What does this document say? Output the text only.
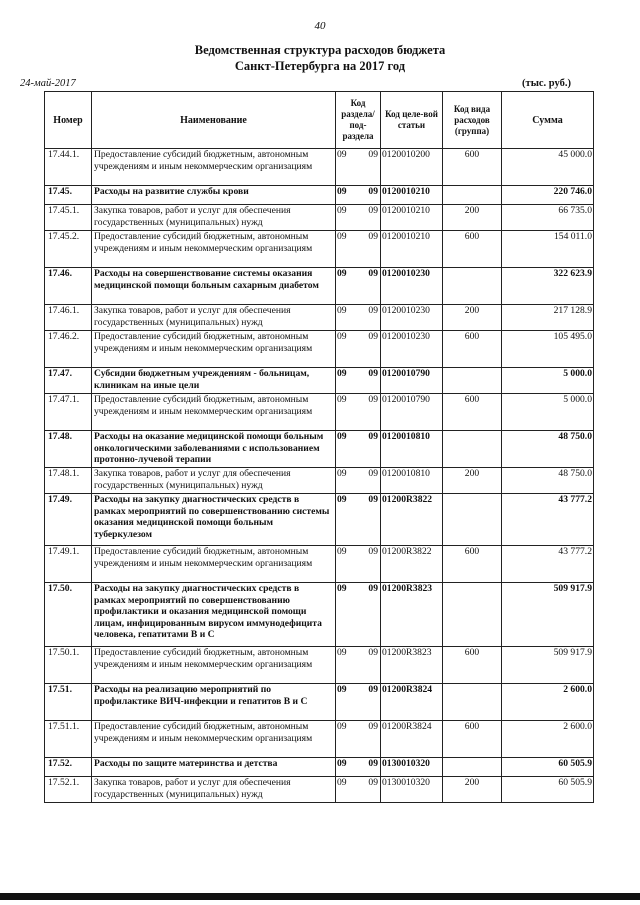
40
Ведомственная структура расходов бюджета
Санкт-Петербурга на 2017 год
24-май-2017	(тыс. руб.)
Номер	Наименование	Код раздела/ под-раздела	Код целе-вой статьи	Код вида расходов (группа)	Сумма
17.44.1.	Предоставление субсидий бюджетным, автономным учреждениям и иным некоммерческим организациям	09 09	0120010200	600	45 000.0
17.45.	Расходы на развитие службы крови	09 09	0120010210		220 746.0
17.45.1.	Закупка товаров, работ и услуг для обеспечения государственных (муниципальных) нужд	09 09	0120010210	200	66 735.0
17.45.2.	Предоставление субсидий бюджетным, автономным учреждениям и иным некоммерческим организациям	09 09	0120010210	600	154 011.0
17.46.	Расходы на совершенствование системы оказания медицинской помощи больным сахарным диабетом	09 09	0120010230		322 623.9
17.46.1.	Закупка товаров, работ и услуг для обеспечения государственных (муниципальных) нужд	09 09	0120010230	200	217 128.9
17.46.2.	Предоставление субсидий бюджетным, автономным учреждениям и иным некоммерческим организациям	09 09	0120010230	600	105 495.0
17.47.	Субсидии бюджетным учреждениям - больницам, клиникам на иные цели	09 09	0120010790		5 000.0
17.47.1.	Предоставление субсидий бюджетным, автономным учреждениям и иным некоммерческим организациям	09 09	0120010790	600	5 000.0
17.48.	Расходы на оказание медицинской помощи больным онкологическими заболеваниями с использованием протонно-лучевой терапии	09 09	0120010810		48 750.0
17.48.1.	Закупка товаров, работ и услуг для обеспечения государственных (муниципальных) нужд	09 09	0120010810	200	48 750.0
17.49.	Расходы на закупку диагностических средств в рамках мероприятий по совершенствованию системы оказания медицинской помощи больным туберкулезом	09 09	01200R3822		43 777.2
17.49.1.	Предоставление субсидий бюджетным, автономным учреждениям и иным некоммерческим организациям	09 09	01200R3822	600	43 777.2
17.50.	Расходы на закупку диагностических средств в рамках мероприятий по совершенствованию профилактики и оказания медицинской помощи лицам, инфицированным вирусом иммунодефицита человека, гепатитами В и С	09 09	01200R3823		509 917.9
17.50.1.	Предоставление субсидий бюджетным, автономным учреждениям и иным некоммерческим организациям	09 09	01200R3823	600	509 917.9
17.51.	Расходы на реализацию мероприятий по профилактике ВИЧ-инфекции и гепатитов В и С	09 09	01200R3824		2 600.0
17.51.1.	Предоставление субсидий бюджетным, автономным учреждениям и иным некоммерческим организациям	09 09	01200R3824	600	2 600.0
17.52.	Расходы по защите материнства и детства	09 09	0130010320		60 505.9
17.52.1.	Закупка товаров, работ и услуг для обеспечения государственных (муниципальных) нужд	09 09	0130010320	200	60 505.9
